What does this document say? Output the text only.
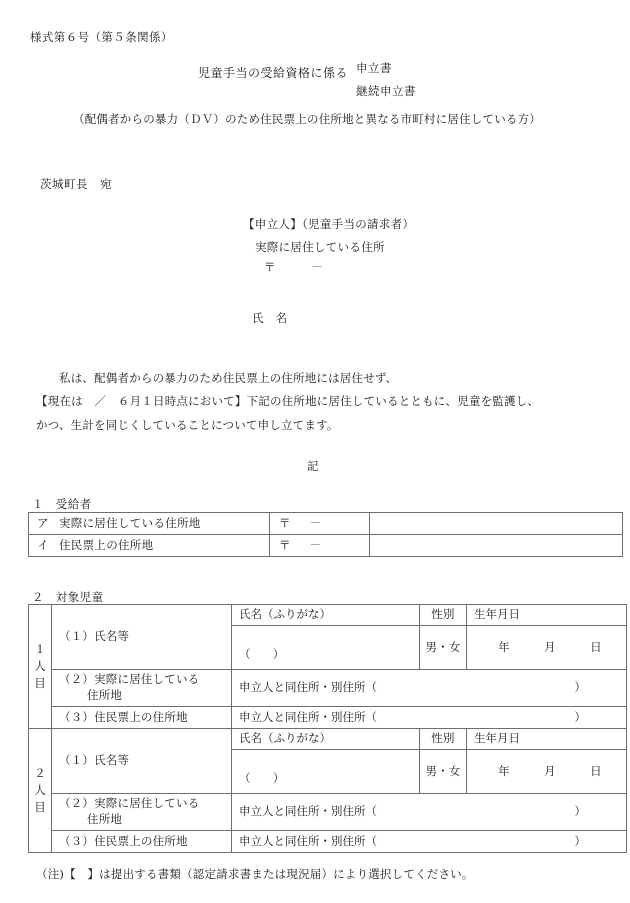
様式第６号（第５条関係）
児童手当の受給資格に係る 申立書
継続申立書
（配偶者からの暴力（ＤＶ）のため住民票上の住所地と異なる市町村に居住している方）
茨城町長　宛
【申立人】（児童手当の請求者）
実際に居住している住所
〒	－
氏　名
私は、配偶者からの暴力のため住民票上の住所地には居住せず、
【現在は　／　６月１日時点において】下記の住所地に居住しているとともに、児童を監護し、
かつ、生計を同じくしていることについて申し立てます。
記
１　受給者
ア 実際に居住している住所地	〒 －	
イ 住民票上の住所地	〒 －	
２　対象児童
１
人
目	（１）氏名等	氏名（ふりがな）	性別	生年月日

		（ ）	男・女	年 月 日

	（２）実際に居住している
住所地	申立人と同住所・別住所（ ）		

	（３）住民票上の住所地	申立人と同住所・別住所（ ）		

２
人
目	（１）氏名等	氏名（ふりがな）	性別	生年月日

		（ ）	男・女	年 月 日

	（２）実際に居住している
住所地	申立人と同住所・別住所（ ）		

	（３）住民票上の住所地	申立人と同住所・別住所（ ）		
（注)【　】は提出する書類（認定請求書または現況届）により選択してください。
